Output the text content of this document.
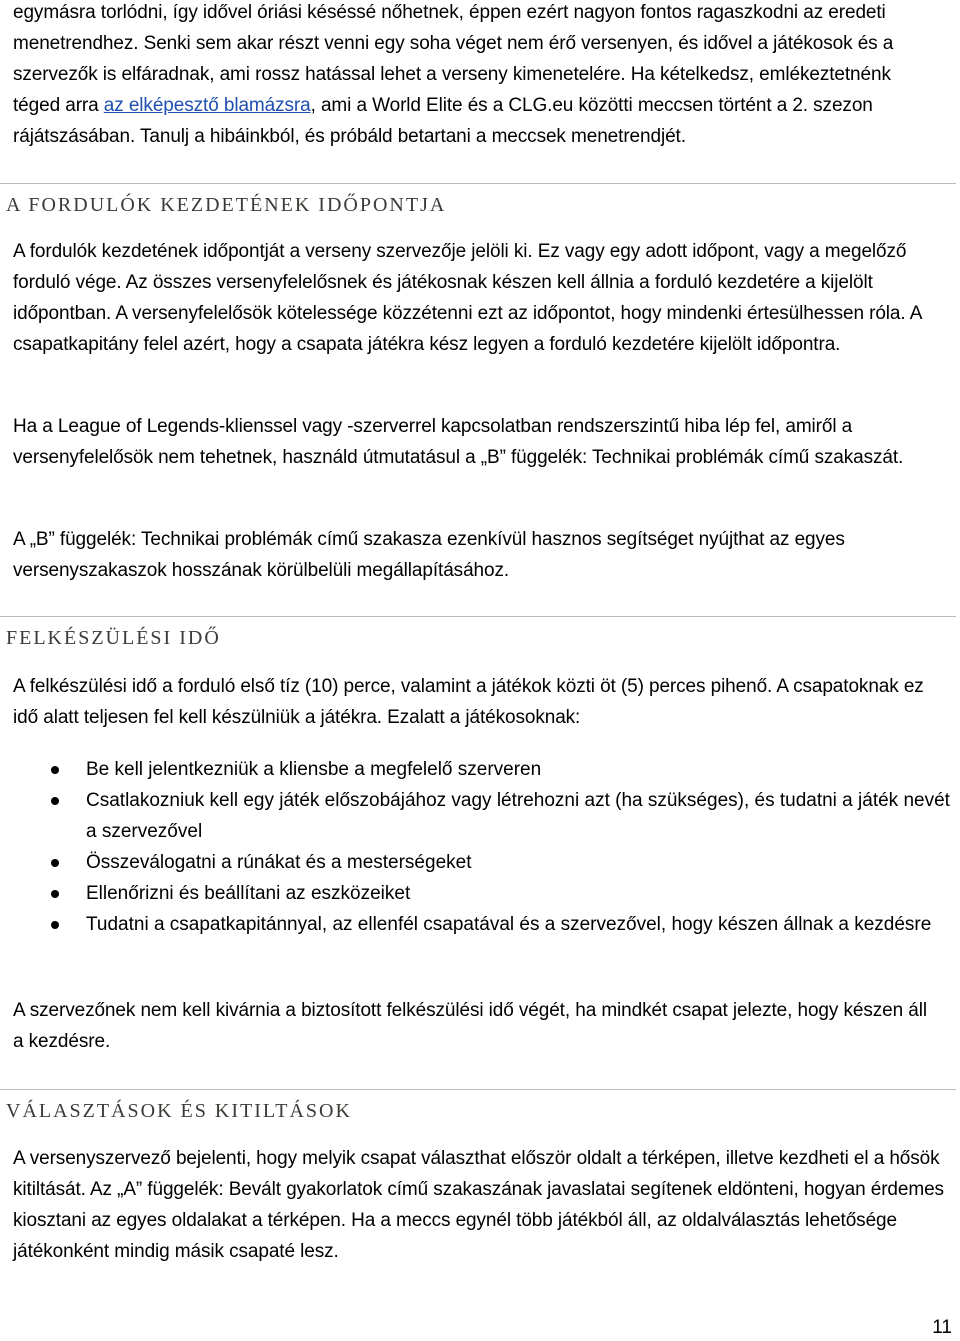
egymásra torlódni, így idővel óriási késéssé nőhetnek, éppen ezért nagyon fontos ragaszkodni az eredeti

menetrendhez. Senki sem akar részt venni egy soha véget nem érő versenyen, és idővel a játékosok és a

szervezők is elfáradnak, ami rossz hatással lehet a verseny kimenetelére. Ha kételkedsz, emlékeztetnénk

téged arra az elképesztő blamázsra, ami a World Elite és a CLG.eu közötti meccsen történt a 2. szezon

rájátszásában. Tanulj a hibáinkból, és próbáld betartani a meccsek menetrendjét.

A FORDULÓK KEZDETÉNEK IDŐPONTJA

A fordulók kezdetének időpontját a verseny szervezője jelöli ki. Ez vagy egy adott időpont, vagy a megelőző forduló vége. Az összes versenyfelelősnek és játékosnak készen kell állnia a forduló kezdetére a kijelölt időpontban. A versenyfelelősök kötelessége közzétenni ezt az időpontot, hogy mindenki értesülhessen róla. A csapatkapitány felel azért, hogy a csapata játékra kész legyen a forduló kezdetére kijelölt időpontra.

Ha a League of Legends-klienssel vagy -szerverrel kapcsolatban rendszerszintű hiba lép fel, amiről a versenyfelelősök nem tehetnek, használd útmutatásul a „B” függelék: Technikai problémák című szakaszát.

A „B” függelék: Technikai problémák című szakasza ezenkívül hasznos segítséget nyújthat az egyes versenyszakaszok hosszának körülbelüli megállapításához.

FELKÉSZÜLÉSI IDŐ

A felkészülési idő a forduló első tíz (10) perce, valamint a játékok közti öt (5) perces pihenő. A csapatoknak ez idő alatt teljesen fel kell készülniük a játékra. Ezalatt a játékosoknak:

Be kell jelentkezniük a kliensbe a megfelelő szerveren
Csatlakozniuk kell egy játék előszobájához vagy létrehozni azt (ha szükséges), és tudatni a játék nevét a szervezővel
Összeválogatni a rúnákat és a mesterségeket
Ellenőrizni és beállítani az eszközeiket
Tudatni a csapatkapitánnyal, az ellenfél csapatával és a szervezővel, hogy készen állnak a kezdésre

A szervezőnek nem kell kivárnia a biztosított felkészülési idő végét, ha mindkét csapat jelezte, hogy készen áll a kezdésre.

VÁLASZTÁSOK ÉS KITILTÁSOK

A versenyszervező bejelenti, hogy melyik csapat választhat először oldalt a térképen, illetve kezdheti el a hősök kitiltását. Az „A” függelék: Bevált gyakorlatok című szakaszának javaslatai segítenek eldönteni, hogyan érdemes kiosztani az egyes oldalakat a térképen. Ha a meccs egynél több játékból áll, az oldalválasztás lehetősége játékonként mindig másik csapaté lesz.

11
